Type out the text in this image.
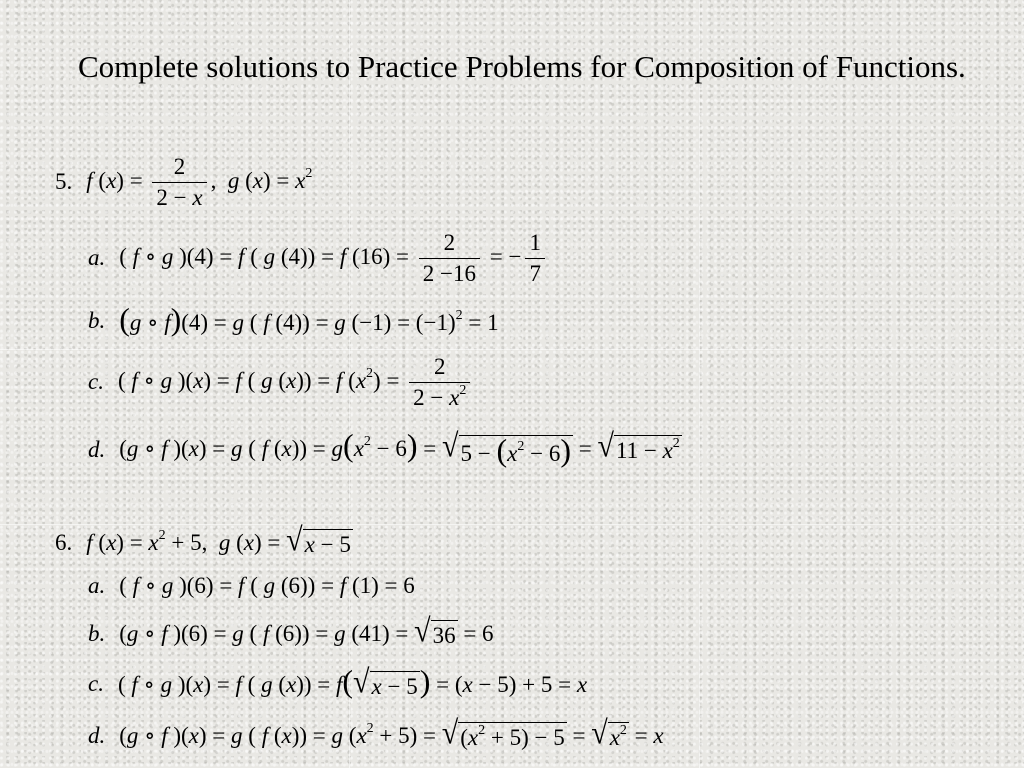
Complete solutions to Practice Problems for Composition of Functions.
5. f $(x) = \frac{2}{2 - x}$ ,  g $(x) = x^2$
a. ( f ∘ g )(4) = f ( g (4)) = f $(16) = \frac{2}{2 -16}$ = − $\frac{1}{7}$
b. (g ∘ f)(4) = g ( f (4)) = g $(-1) = (-1)^2 = 1$
c. ( f ∘ g )(x) = f ( g (x)) = f $(x^2) = \frac{2}{2 - x^2}$
d. (g ∘ f )(x) = g ( f $(x)) = g(x^2 - 6)$ = √ $5 - (x^2 - 6)$ = √ $11 - x^2$
6. f $(x) = x^2 + 5$,  g (x) = √ x − 5
a. ( f ∘ g )(6) = f ( g (6)) = f (1) = 6
b. (g ∘ f )(6) = g ( f (6)) = g (41) = √ 36 = 6
c. ( f ∘ g )(x) = f ( g (x)) = f( √ x − 5 ) = (x − 5) + 5 = x
d. (g ∘ f )(x) = g ( f (x)) = g $(x^2 + 5)$ = √ $(x^2 + 5) - 5$ = √ $x^2 = x$
